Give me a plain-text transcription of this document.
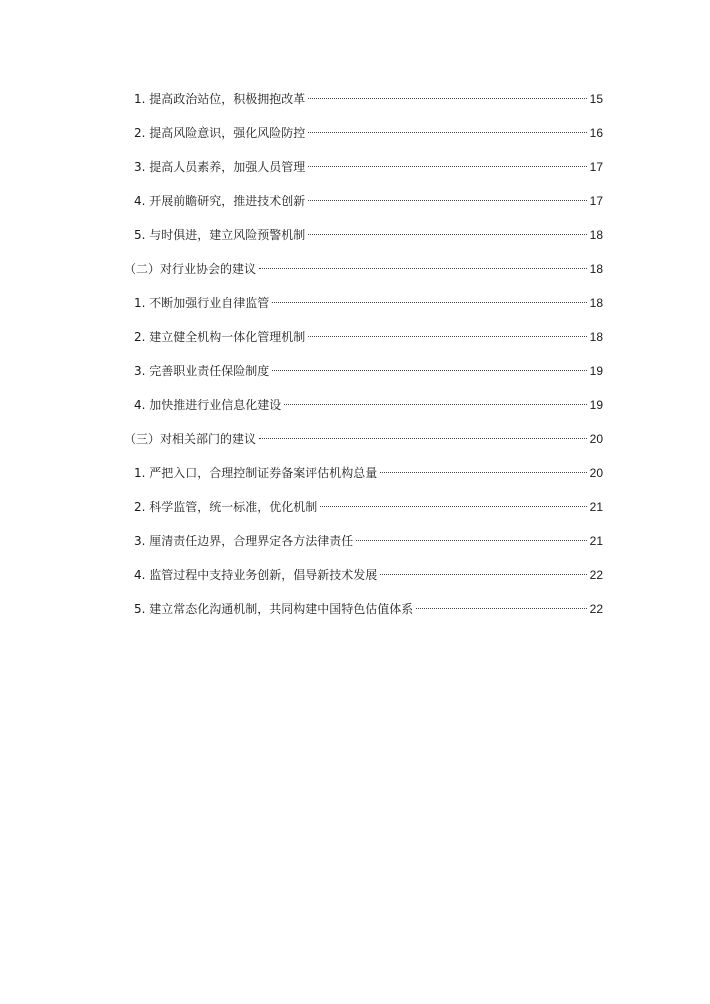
1. 提高政治站位，积极拥抱改革	15
2. 提高风险意识，强化风险防控	16
3. 提高人员素养，加强人员管理	17
4. 开展前瞻研究，推进技术创新	17
5. 与时俱进，建立风险预警机制	18
（二）对行业协会的建议	18
1. 不断加强行业自律监管	18
2. 建立健全机构一体化管理机制	18
3. 完善职业责任保险制度	19
4. 加快推进行业信息化建设	19
（三）对相关部门的建议	20
1. 严把入口，合理控制证券备案评估机构总量	20
2. 科学监管，统一标准，优化机制	21
3. 厘清责任边界，合理界定各方法律责任	21
4. 监管过程中支持业务创新，倡导新技术发展	22
5. 建立常态化沟通机制，共同构建中国特色估值体系	22
